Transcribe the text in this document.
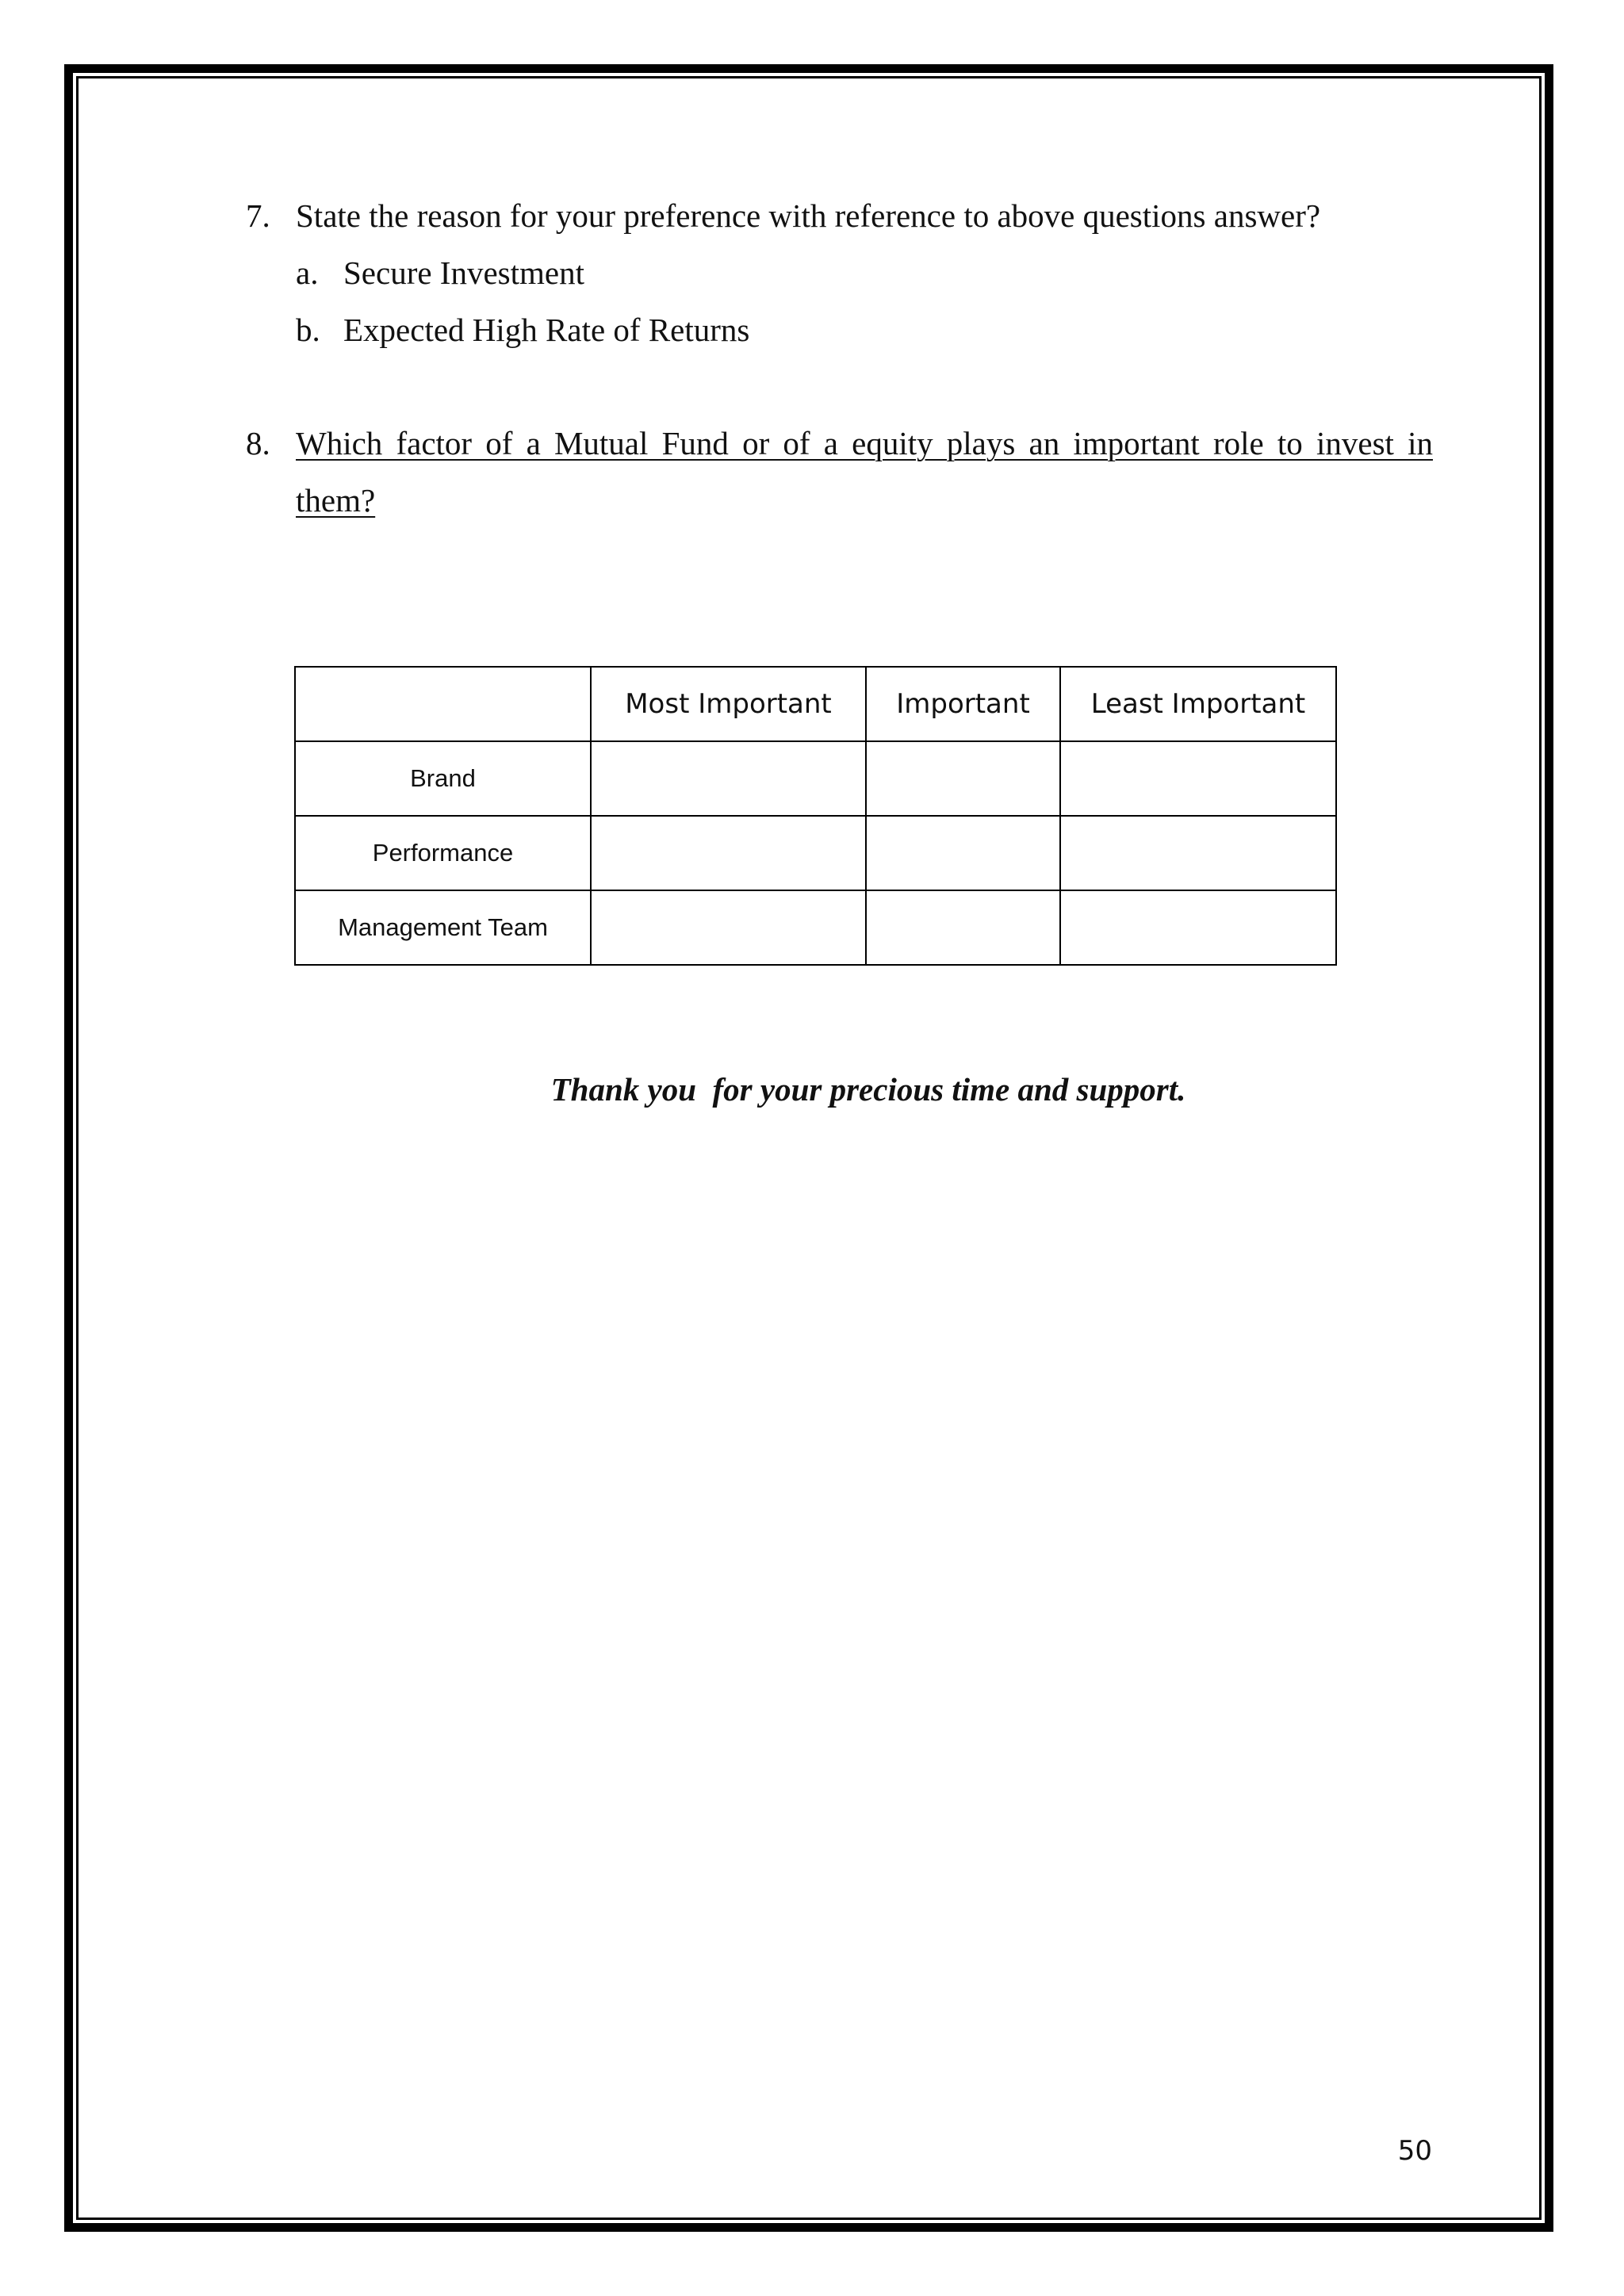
7. State the reason for your preference with reference to above questions answer?
a. Secure Investment
b. Expected High Rate of Returns
8. Which factor of a Mutual Fund or of a equity plays an important role to invest in
them?
	Most Important	Important	Least Important
Brand			
Performance			
Management Team			
Thank you  for your precious time and support.
50
